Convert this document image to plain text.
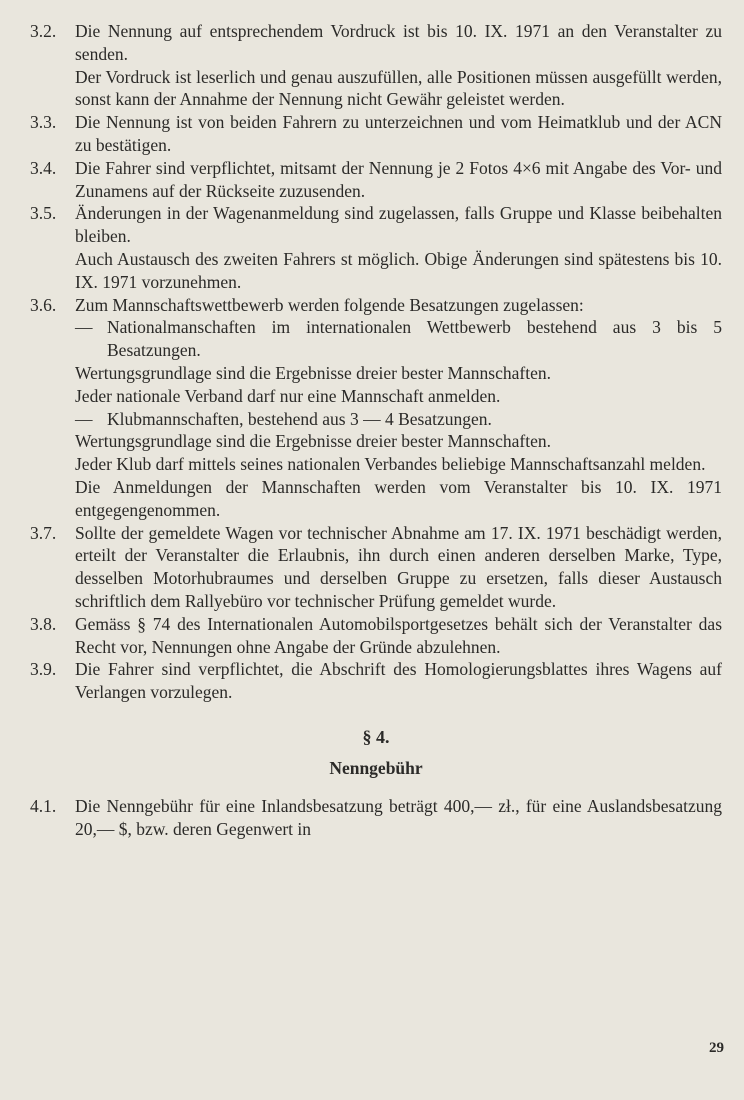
3.2.	Die Nennung auf entsprechendem Vordruck ist bis 10. IX. 1971 an den Veranstalter zu senden.

Der Vordruck ist leserlich und genau auszufüllen, alle Positionen müssen ausgefüllt werden, sonst kann der Annahme der Nennung nicht Gewähr geleistet werden.

3.3.	Die Nennung ist von beiden Fahrern zu unterzeichnen und vom Heimatklub und der ACN zu bestätigen.

3.4.	Die Fahrer sind verpflichtet, mitsamt der Nennung je 2 Fotos 4×6 mit Angabe des Vor- und Zunamens auf der Rückseite zuzusenden.

3.5.	Änderungen in der Wagenanmeldung sind zugelassen, falls Gruppe und Klasse beibehalten bleiben.

Auch Austausch des zweiten Fahrers st möglich. Obige Änderungen sind spätestens bis 10. IX. 1971 vorzunehmen.

3.6.	Zum Mannschaftswettbewerb werden folgende Besatzungen zugelassen:

— Nationalmanschaften im internationalen Wettbewerb bestehend aus 3 bis 5 Besatzungen.

Wertungsgrundlage sind die Ergebnisse dreier bester Mannschaften.

Jeder nationale Verband darf nur eine Mannschaft anmelden.

— Klubmannschaften, bestehend aus 3 — 4 Besatzungen.

Wertungsgrundlage sind die Ergebnisse dreier bester Mannschaften.

Jeder Klub darf mittels seines nationalen Verbandes beliebige Mannschaftsanzahl melden.

Die Anmeldungen der Mannschaften werden vom Veranstalter bis 10. IX. 1971 entgegengenommen.

3.7.	Sollte der gemeldete Wagen vor technischer Abnahme am 17. IX. 1971 beschädigt werden, erteilt der Veranstalter die Erlaubnis, ihn durch einen anderen derselben Marke, Type, desselben Motorhubraumes und derselben Gruppe zu ersetzen, falls dieser Austausch schriftlich dem Rallyebüro vor technischer Prüfung gemeldet wurde.

3.8.	Gemäss § 74 des Internationalen Automobilsportgesetzes behält sich der Veranstalter das Recht vor, Nennungen ohne Angabe der Gründe abzulehnen.

3.9.	Die Fahrer sind verpflichtet, die Abschrift des Homologierungsblattes ihres Wagens auf Verlangen vorzulegen.

§ 4.
Nenngebühr
4.1.	Die Nenngebühr für eine Inlandsbesatzung beträgt 400,— zł., für eine Auslandsbesatzung 20,— $, bzw. deren Gegenwert in

29
